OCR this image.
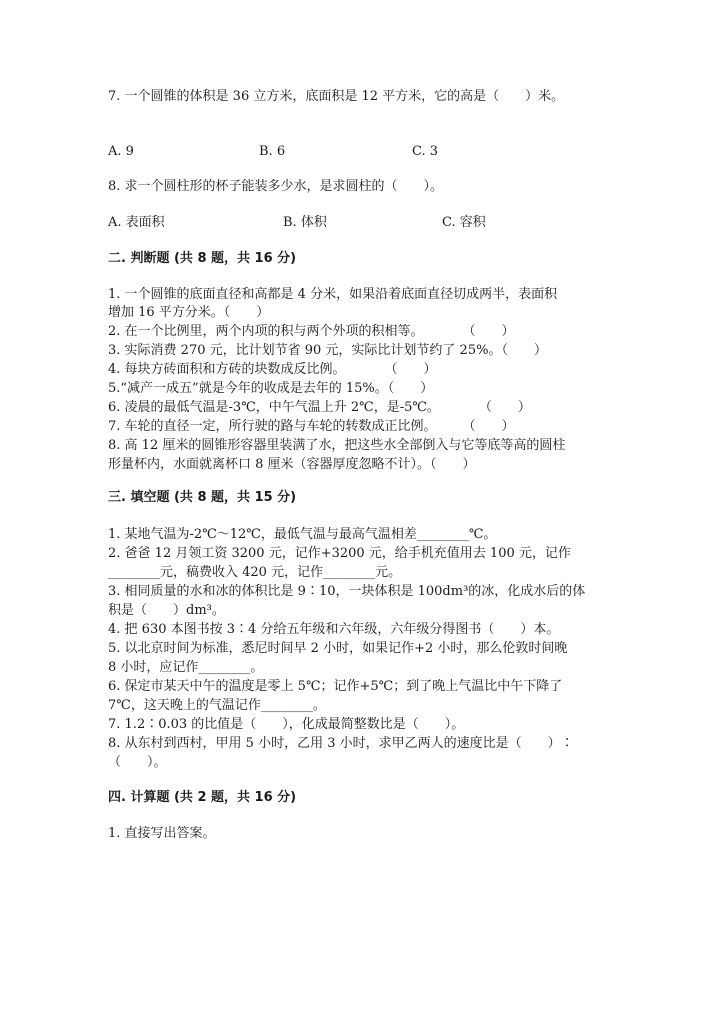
7. 一个圆锥的体积是 36 立方米，底面积是 12 平方米，它的高是（　　）米。
A. 9	B. 6	C. 3
8. 求一个圆柱形的杯子能装多少水，是求圆柱的（　　）。
A. 表面积	B. 体积	C. 容积
二. 判断题 (共 8 题，共 16 分)
1. 一个圆锥的底面直径和高都是 4 分米，如果沿着底面直径切成两半，表面积
增加 16 平方分米。（　　）
2. 在一个比例里，两个内项的积与两个外项的积相等。　　　　（　　）
3. 实际消费 270 元，比计划节省 90 元，实际比计划节约了 25%。（　　）
4. 每块方砖面积和方砖的块数成反比例。　　　　（　　）
5.“减产一成五”就是今年的收成是去年的 15%。（　　）
6. 凌晨的最低气温是-3℃，中午气温上升 2℃，是-5℃。　　　　（　　）
7. 车轮的直径一定，所行驶的路与车轮的转数成正比例。　　　（　　）
8. 高 12 厘米的圆锥形容器里装满了水，把这些水全部倒入与它等底等高的圆柱
形量杯内，水面就离杯口 8 厘米（容器厚度忽略不计）。（　　）
三. 填空题 (共 8 题，共 15 分)
1. 某地气温为-2℃～12℃，最低气温与最高气温相差________℃。
2. 爸爸 12 月领工资 3200 元，记作+3200 元，给手机充值用去 100 元，记作
________元，稿费收入 420 元，记作________元。
3. 相同质量的水和冰的体积比是 9∶10，一块体积是 100dm³的冰，化成水后的体
积是（　　）dm³。
4. 把 630 本图书按 3∶4 分给五年级和六年级，六年级分得图书（　　）本。
5. 以北京时间为标准，悉尼时间早 2 小时，如果记作+2 小时，那么伦敦时间晚
8 小时，应记作________。
6. 保定市某天中午的温度是零上 5℃；记作+5℃；到了晚上气温比中午下降了
7℃，这天晚上的气温记作________。
7. 1.2∶0.03 的比值是（　　），化成最简整数比是（　　）。
8. 从东村到西村，甲用 5 小时，乙用 3 小时，求甲乙两人的速度比是（　　）∶
（　　）。
四. 计算题 (共 2 题，共 16 分)
1. 直接写出答案。
